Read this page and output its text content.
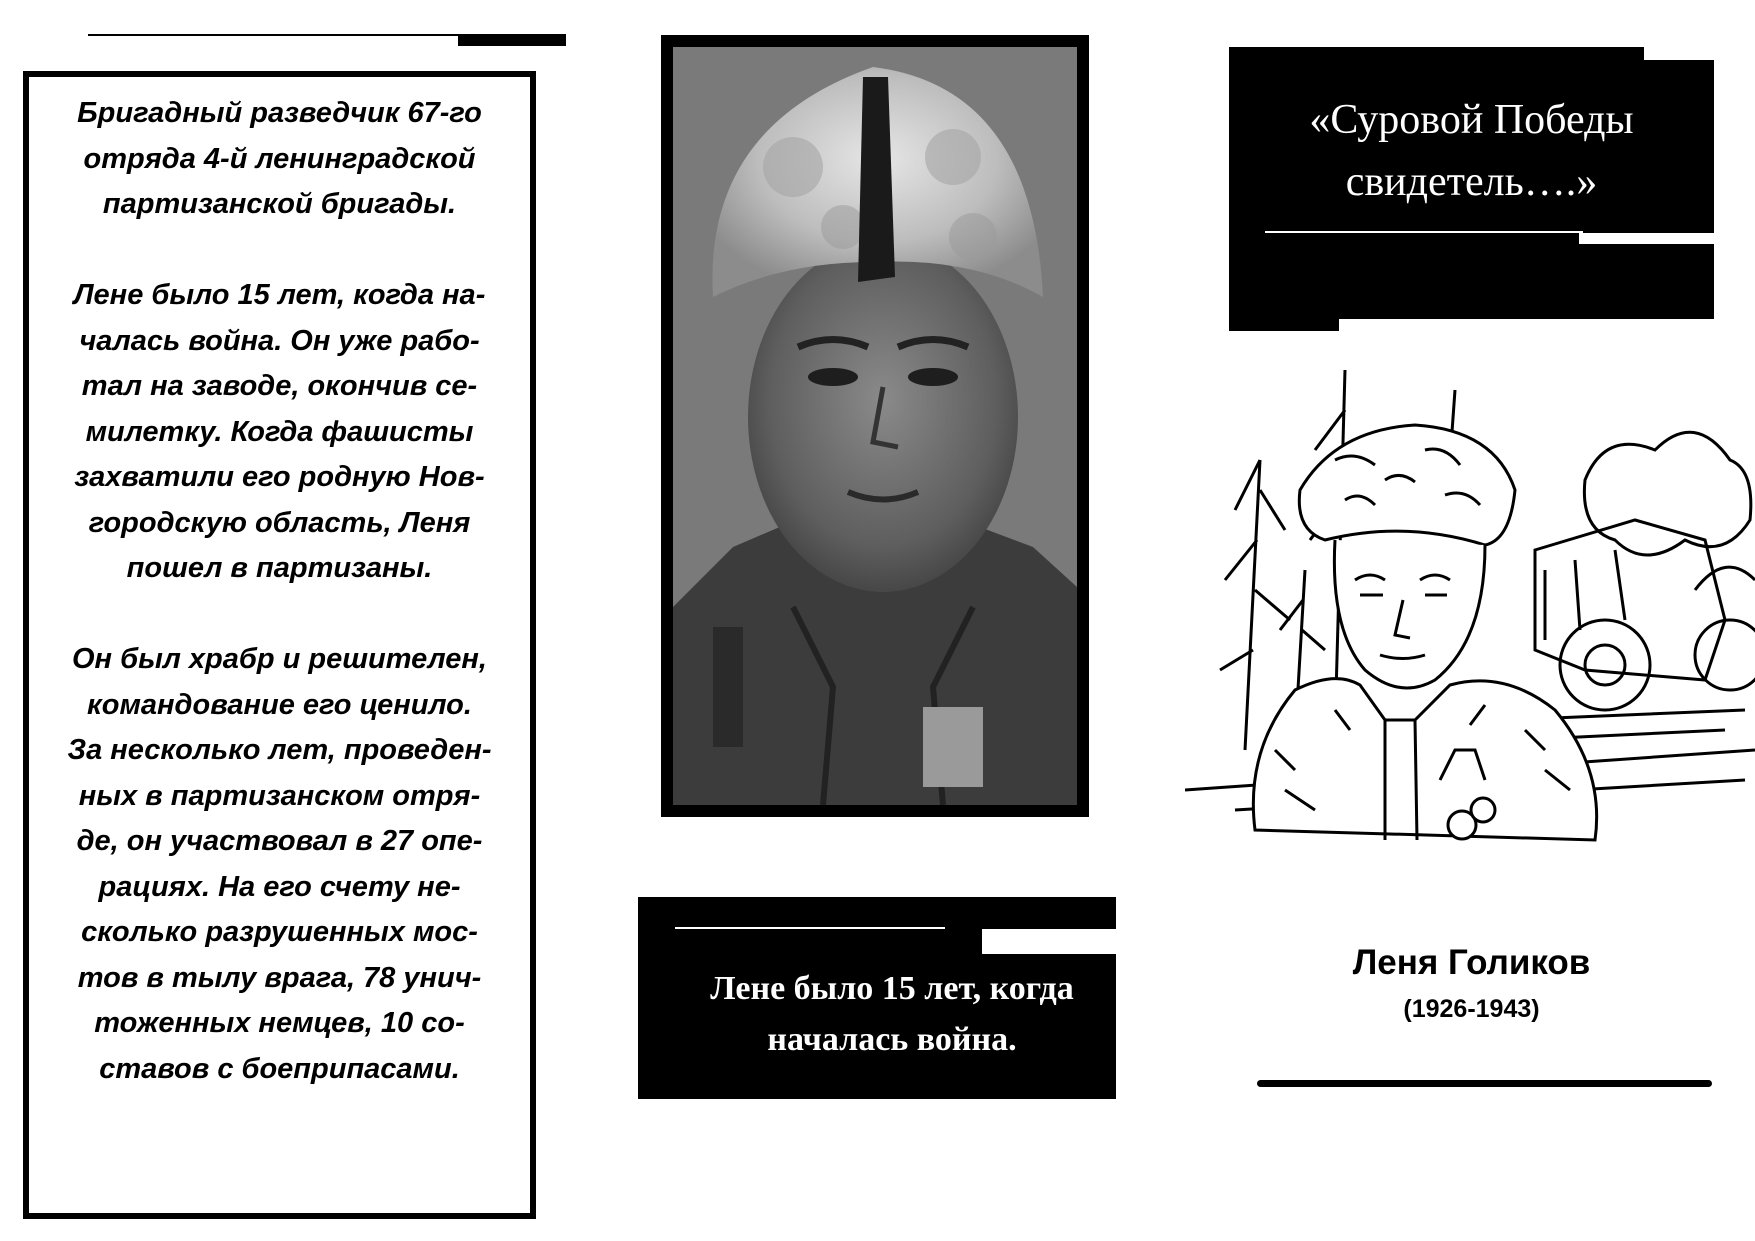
Бригадный разведчик 67-го
отряда 4-й ленинградской
партизанской бригады.

Лене было 15 лет, когда на-
чалась война. Он уже рабо-
тал на заводе, окончив се-
милетку. Когда фашисты
захватили его родную Нов-
городскую область, Леня
пошел в партизаны.

Он был храбр и решителен,
командование его ценило.
За несколько лет, проведен-
ных в партизанском отря-
де, он участвовал в 27 опе-
рациях. На его счету не-
сколько разрушенных мос-
тов в тылу врага, 78 унич-
тоженных немцев, 10 со-
ставов с боеприпасами.

Лене было 15 лет, когда
началась война.
«Суровой Победы
свидетель….»
Леня Голиков
(1926-1943)
